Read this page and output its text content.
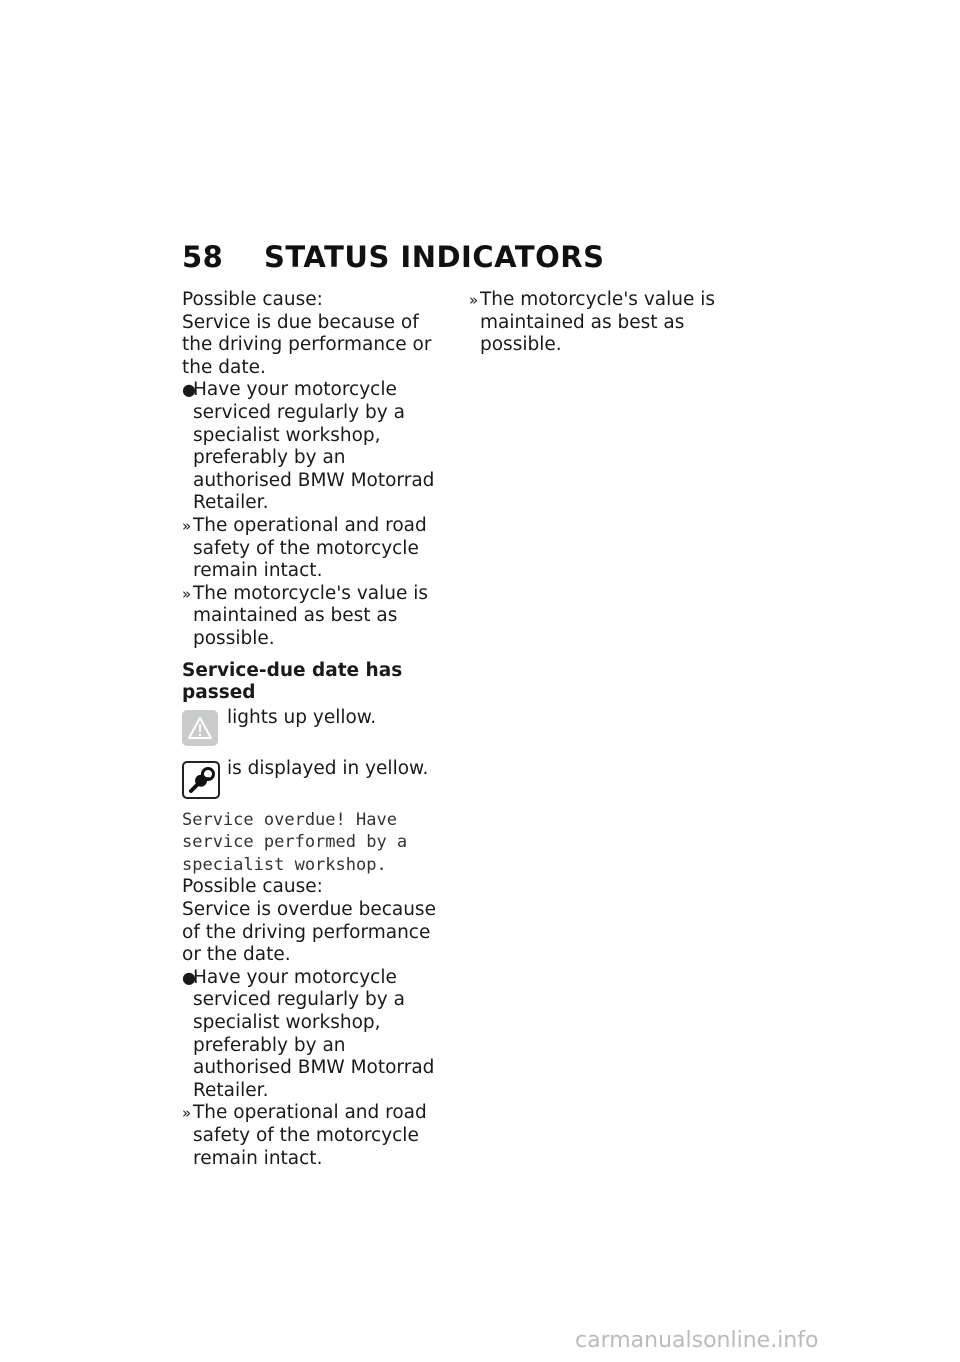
58 STATUS INDICATORS

Possible cause:

Service is due because of the driving performance or the date.

●
Have your motorcycle serviced regularly by a specialist workshop, preferably by an authorised BMW Motorrad Retailer.
» The operational and road safety of the motorcycle remain intact.
» The motorcycle's value is maintained as best as possible.

Service-due date has passed

lights up yellow.
is displayed in yellow.

Service overdue! Have service performed by a specialist workshop.

Possible cause:

Service is overdue because of the driving performance or the date.

●
Have your motorcycle serviced regularly by a specialist workshop, preferably by an authorised BMW Motorrad Retailer.
» The operational and road safety of the motorcycle remain intact.
» The motorcycle's value is maintained as best as possible.
carmanualsonline.info
